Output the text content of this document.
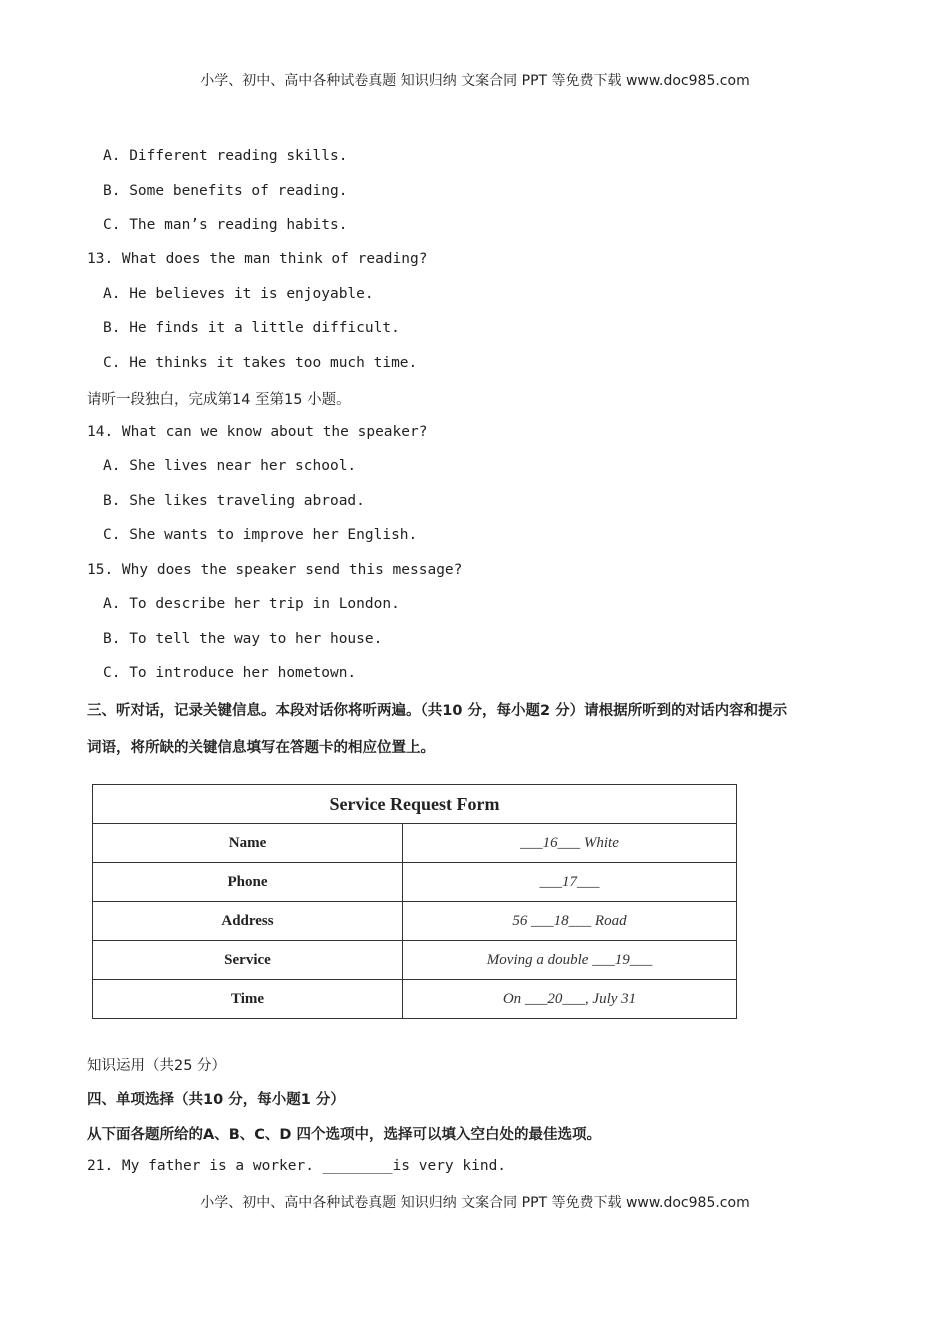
小学、初中、高中各种试卷真题 知识归纳 文案合同 PPT 等免费下载 www.doc985.com
A. Different reading skills.
B. Some benefits of reading.
C. The man’s reading habits.
13. What does the man think of reading?
A. He believes it is enjoyable.
B. He finds it a little difficult.
C. He thinks it takes too much time.
请听一段独白，完成第14 至第15 小题。
14. What can we know about the speaker?
A. She lives near her school.
B. She likes traveling abroad.
C. She wants to improve her English.
15. Why does the speaker send this message?
A. To describe her trip in London.
B. To tell the way to her house.
C. To introduce her hometown.
三、听对话，记录关键信息。本段对话你将听两遍。（共10 分，每小题2 分）请根据所听到的对话内容和提示
词语，将所缺的关键信息填写在答题卡的相应位置上。
Service Request Form	
Name	___16___ White
Phone	___17___
Address	56 ___18___ Road
Service	Moving a double ___19___
Time	On ___20___, July 31
知识运用（共25 分）
四、单项选择（共10 分，每小题1 分）
从下面各题所给的A、B、C、D 四个选项中，选择可以填入空白处的最佳选项。
21. My father is a worker. ________is very kind.
小学、初中、高中各种试卷真题 知识归纳 文案合同 PPT 等免费下载 www.doc985.com
